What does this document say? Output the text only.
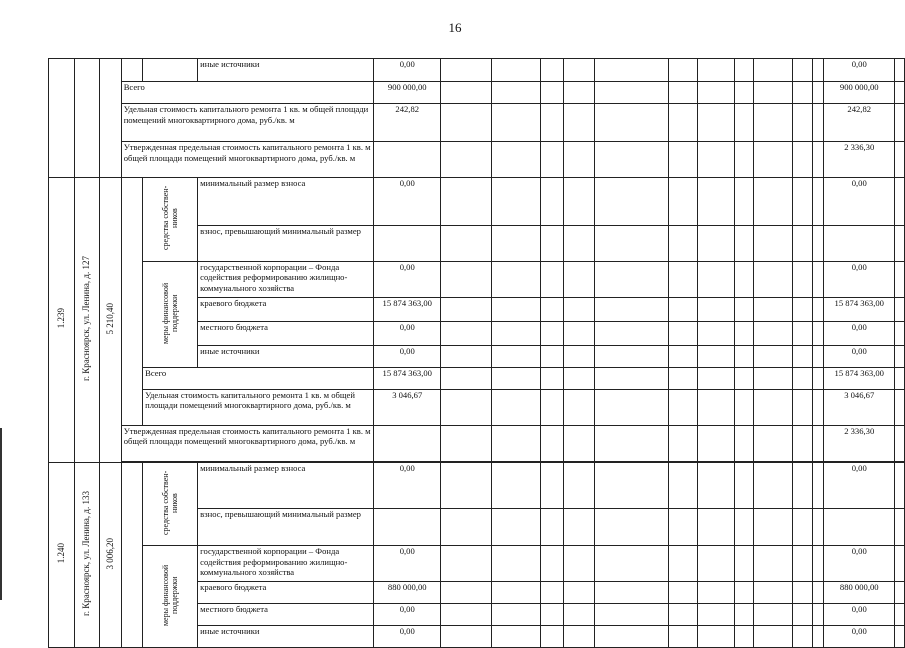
16
					иные источники	0,00												0,00	
			Всего			900 000,00												900 000,00	
			Удельная стоимость капитального ремонта 1 кв. м общей площади помещений многоквартирного дома, руб./кв. м			242,82												242,82	
			Утвержденная предельная стоимость капитального ремонта 1 кв. м общей площади помещений многоквартирного дома, руб./кв. м															2 336,30	
1.239	г. Красноярск, ул. Ленина, д. 127	5 210,40		средства собствен-ников	минимальный размер взноса	0,00												0,00	
					взнос, превышающий минимальный размер														
				меры финансовой поддержки	государственной корпорации – Фонда содействия реформированию жилищно-коммунального хозяйства	0,00												0,00	
					краевого бюджета	15 874 363,00												15 874 363,00	
					местного бюджета	0,00												0,00	
					иные источники	0,00												0,00	
				Всего		15 874 363,00												15 874 363,00	
				Удельная стоимость капитального ремонта 1 кв. м общей площади помещений многоквартирного дома, руб./кв. м		3 046,67												3 046,67	
			Утвержденная предельная стоимость капитального ремонта 1 кв. м общей площади помещений многоквартирного дома, руб./кв. м															2 336,30	

1.240	г. Красноярск, ул. Ленина, д. 133	3 006,20		средства собствен-ников	минимальный размер взноса	0,00												0,00	
					взнос, превышающий минимальный размер														
				меры финансовой поддержки	государственной корпорации – Фонда содействия реформированию жилищно-коммунального хозяйства	0,00												0,00	
					краевого бюджета	880 000,00												880 000,00	
					местного бюджета	0,00												0,00	
					иные источники	0,00												0,00	
